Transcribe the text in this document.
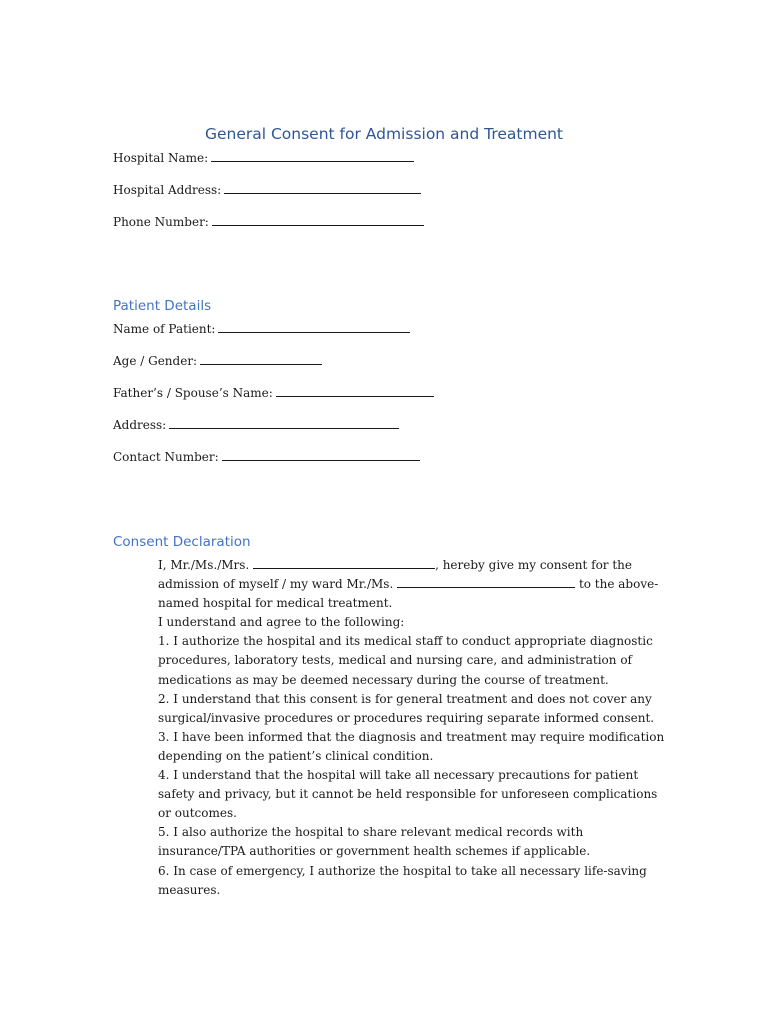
General Consent for Admission and Treatment
Hospital Name:
Hospital Address:
Phone Number:
Patient Details
Name of Patient:
Age / Gender:
Father’s / Spouse’s Name:
Address:
Contact Number:
Consent Declaration
I, Mr./Ms./Mrs.	, hereby give my consent for the
admission of myself / my ward Mr./Ms.	to the above-
named hospital for medical treatment.
I understand and agree to the following:
1. I authorize the hospital and its medical staff to conduct appropriate diagnostic
procedures, laboratory tests, medical and nursing care, and administration of
medications as may be deemed necessary during the course of treatment.
2. I understand that this consent is for general treatment and does not cover any
surgical/invasive procedures or procedures requiring separate informed consent.
3. I have been informed that the diagnosis and treatment may require modification
depending on the patient’s clinical condition.
4. I understand that the hospital will take all necessary precautions for patient
safety and privacy, but it cannot be held responsible for unforeseen complications
or outcomes.
5. I also authorize the hospital to share relevant medical records with
insurance/TPA authorities or government health schemes if applicable.
6. In case of emergency, I authorize the hospital to take all necessary life-saving
measures.
